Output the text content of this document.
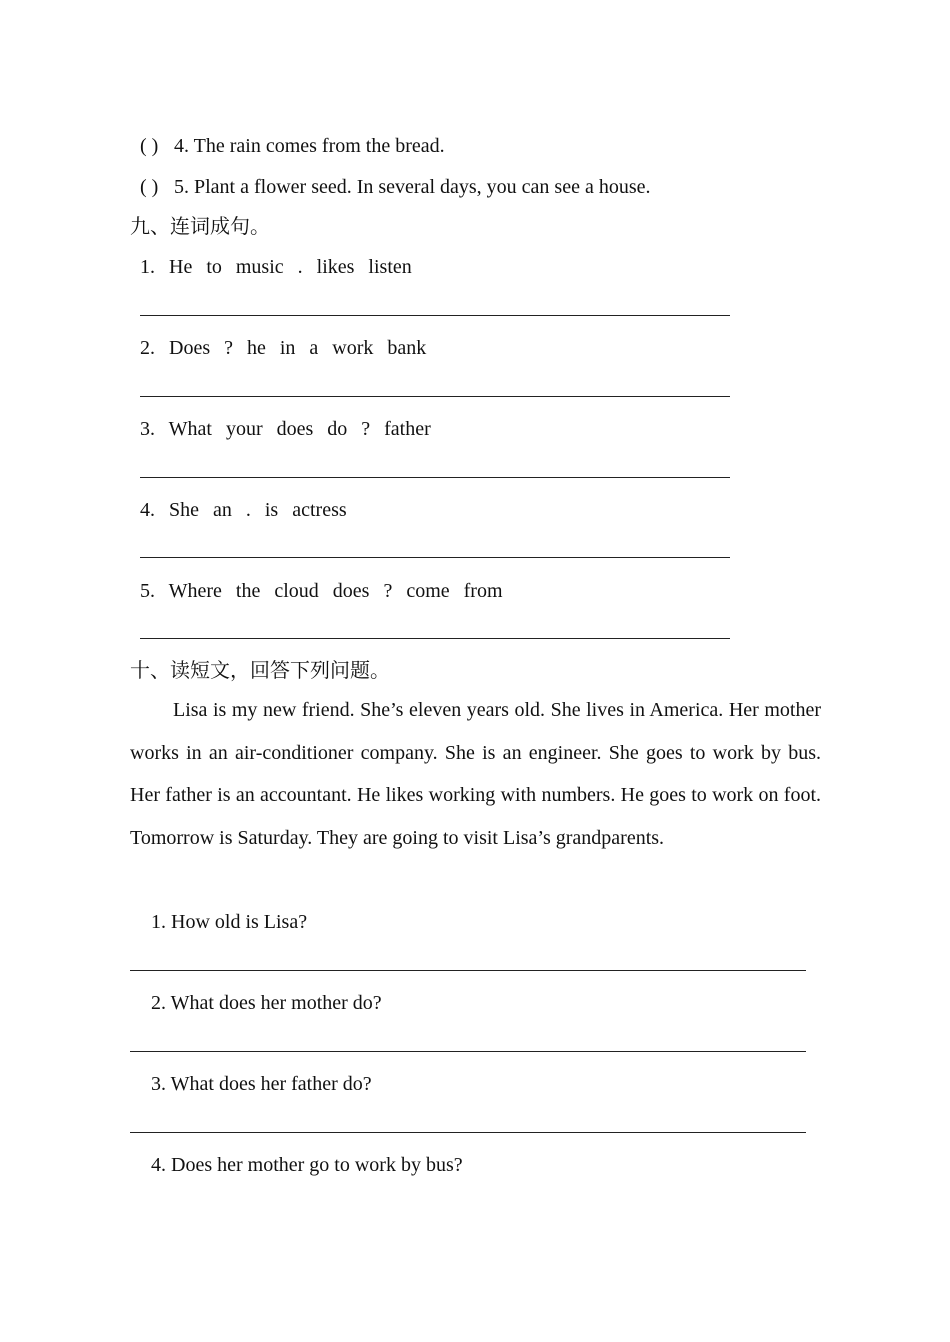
( ) 4. The rain comes from the bread.
( ) 5. Plant a flower seed. In several days, you can see a house.
九、连词成句。
1. He to music . likes listen
2. Does ? he in a work bank
3. What your does do ? father
4. She an . is actress
5. Where the cloud does ? come from
十、读短文，回答下列问题。

Lisa is my new friend. She’s eleven years old. She lives in America. Her mother works in an air-conditioner company. She is an engineer. She goes to work by bus. Her father is an accountant. He likes working with numbers. He goes to work on foot. Tomorrow is Saturday. They are going to visit Lisa’s grandparents.

1. How old is Lisa?
2. What does her mother do?
3. What does her father do?
4. Does her mother go to work by bus?
